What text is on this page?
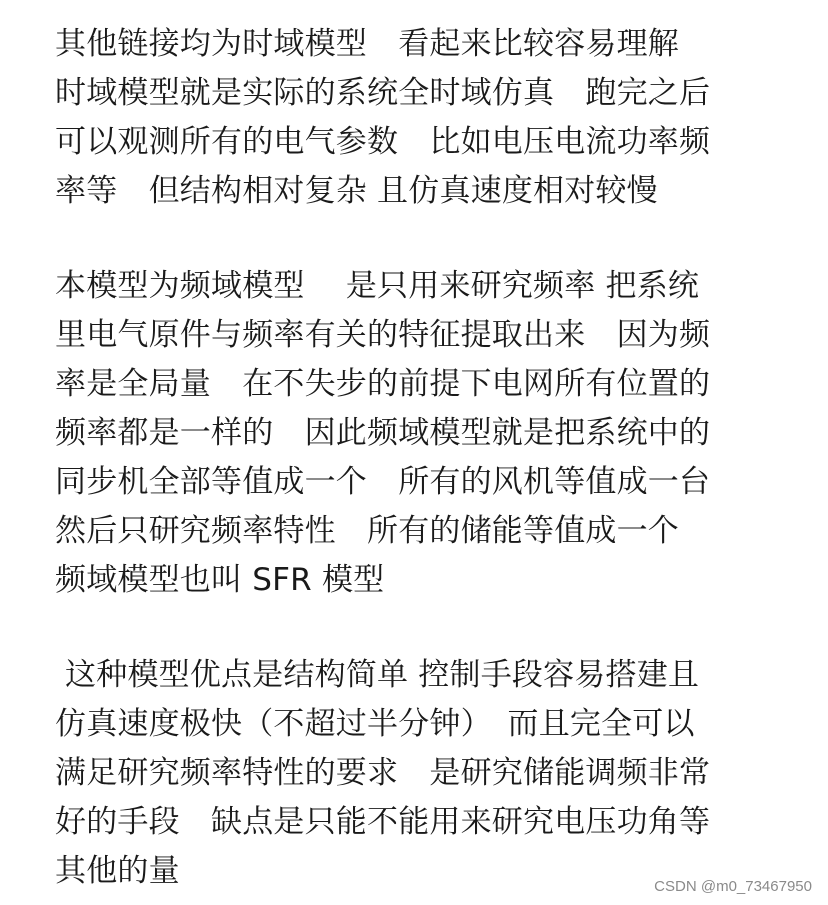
其他链接均为时域模型　看起来比较容易理解
时域模型就是实际的系统全时域仿真　跑完之后
可以观测所有的电气参数　比如电压电流功率频
率等　但结构相对复杂 且仿真速度相对较慢
本模型为频域模型　 是只用来研究频率 把系统
里电气原件与频率有关的特征提取出来　因为频
率是全局量　在不失步的前提下电网所有位置的
频率都是一样的　因此频域模型就是把系统中的
同步机全部等值成一个　所有的风机等值成一台
然后只研究频率特性　所有的储能等值成一个
频域模型也叫 SFR 模型
这种模型优点是结构简单 控制手段容易搭建且
仿真速度极快（不超过半分钟）　而且完全可以
满足研究频率特性的要求　是研究储能调频非常
好的手段　缺点是只能不能用来研究电压功角等
其他的量	CSDN @m0_73467950
